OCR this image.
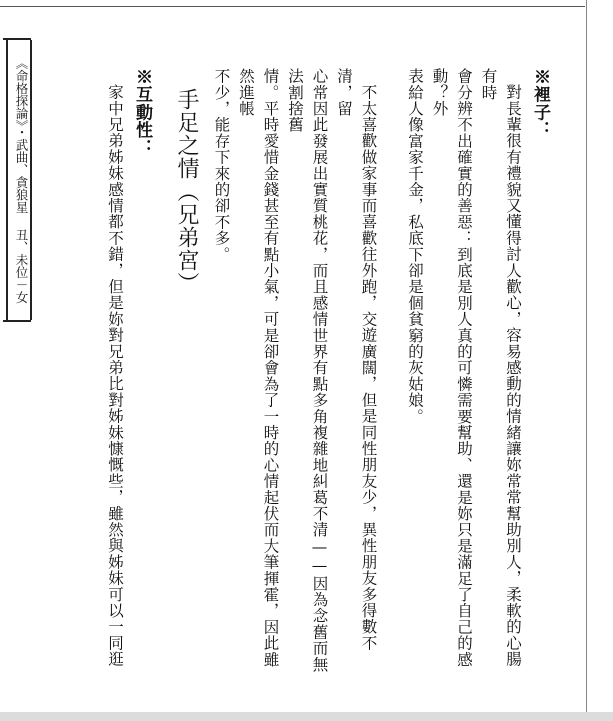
《命格探論》・武曲、貪狼星 丑、未位－女	※裡子：

對長輩很有禮貌又懂得討人歡心，容易感動的情緒讓妳常常幫助別人，柔軟的心腸有時
會分辨不出確實的善惡：到底是別人真的可憐需要幫助、還是妳只是滿足了自己的感動？外
表給人像富家千金，私底下卻是個貧窮的灰姑娘。

不太喜歡做家事而喜歡往外跑，交遊廣闊，但是同性朋友少，異性朋友多得數不清，留
心常因此發展出實質桃花，而且感情世界有點多角複雜地糾葛不清——因為念舊而無法割捨舊
情。平時愛惜金錢甚至有點小氣，可是卻會為了一時的心情起伏而大筆揮霍，因此雖然進帳
不少，能存下來的卻不多。

手足之情（兄弟宮）

※互動性：

家中兄弟姊妹感情都不錯，但是妳對兄弟比對姊妹慷慨些，雖然與姊妹可以一同逛
